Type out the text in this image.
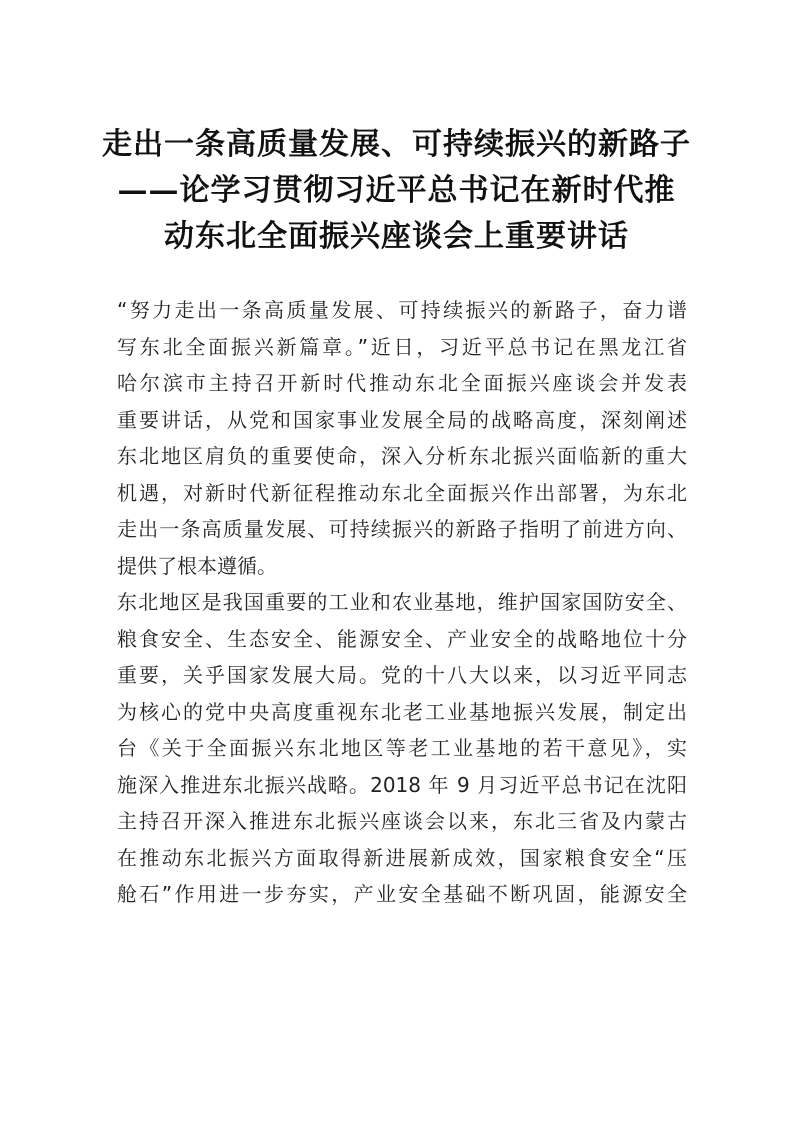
走出一条高质量发展、可持续振兴的新路子
——论学习贯彻习近平总书记在新时代推
动东北全面振兴座谈会上重要讲话
“努力走出一条高质量发展、可持续振兴的新路子，奋力谱
写东北全面振兴新篇章。”近日，习近平总书记在黑龙江省
哈尔滨市主持召开新时代推动东北全面振兴座谈会并发表
重要讲话，从党和国家事业发展全局的战略高度，深刻阐述
东北地区肩负的重要使命，深入分析东北振兴面临新的重大
机遇，对新时代新征程推动东北全面振兴作出部署，为东北
走出一条高质量发展、可持续振兴的新路子指明了前进方向、
提供了根本遵循。
东北地区是我国重要的工业和农业基地，维护国家国防安全、
粮食安全、生态安全、能源安全、产业安全的战略地位十分
重要，关乎国家发展大局。党的十八大以来，以习近平同志
为核心的党中央高度重视东北老工业基地振兴发展，制定出
台《关于全面振兴东北地区等老工业基地的若干意见》，实
施深入推进东北振兴战略。2018 年 9 月习近平总书记在沈阳
主持召开深入推进东北振兴座谈会以来，东北三省及内蒙古
在推动东北振兴方面取得新进展新成效，国家粮食安全“压
舱石”作用进一步夯实，产业安全基础不断巩固，能源安全
